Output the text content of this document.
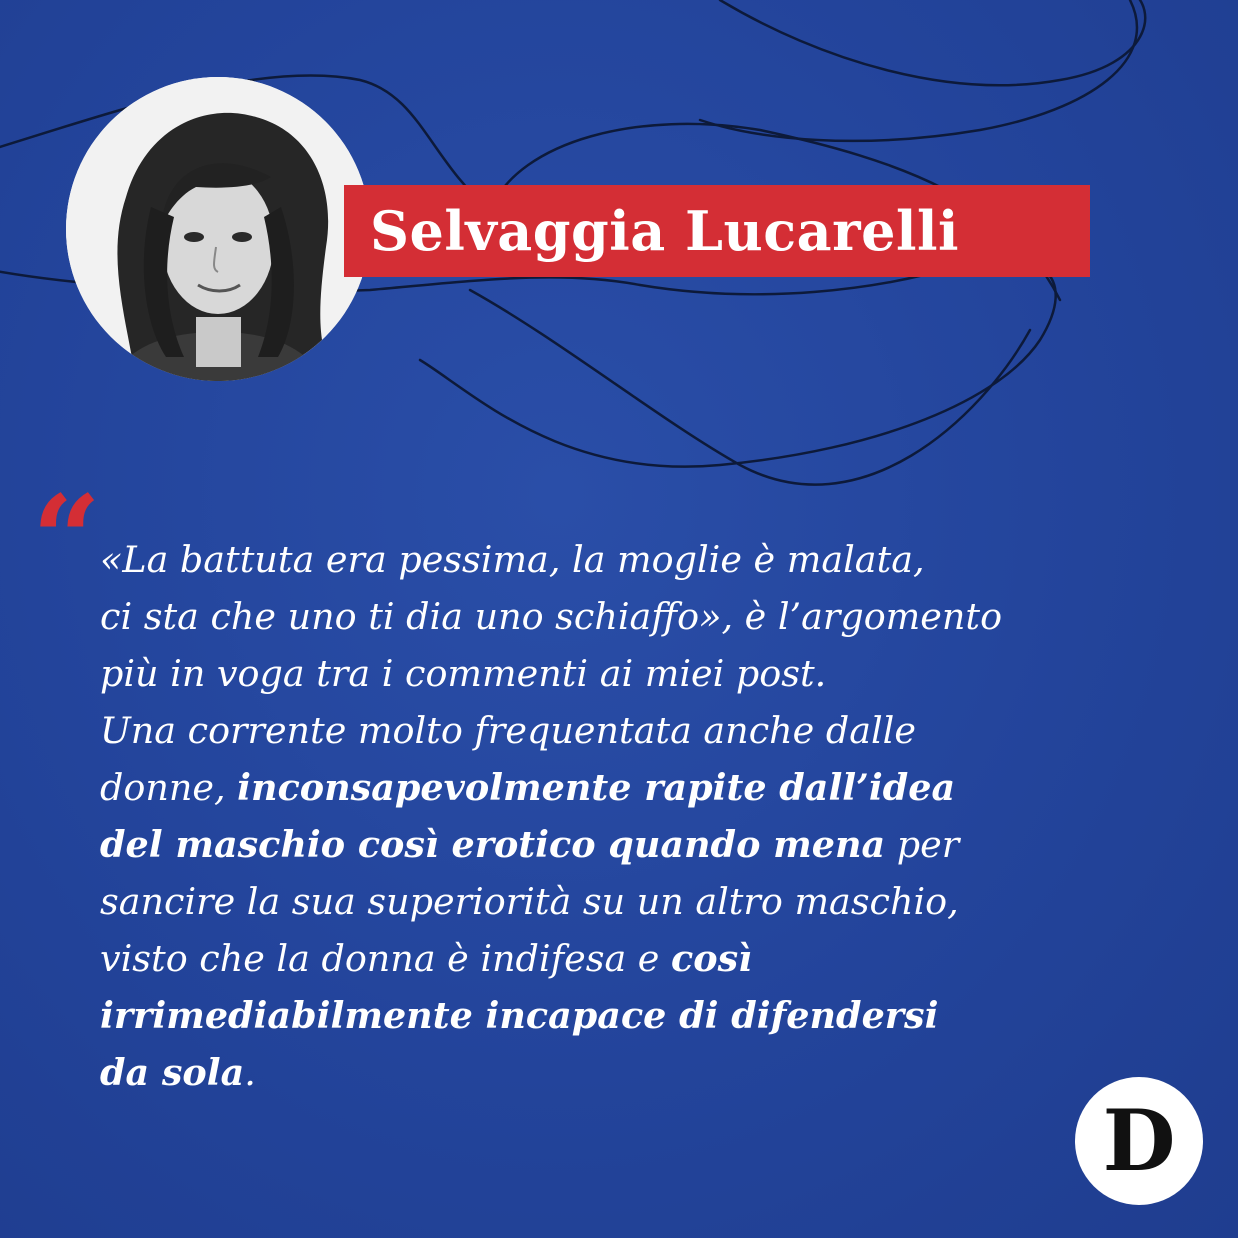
Selvaggia Lucarelli
“
«La battuta era pessima, la moglie è malata,
ci sta che uno ti dia uno schiaffo», è l’argomento
più in voga tra i commenti ai miei post.
Una corrente molto frequentata anche dalle
donne, inconsapevolmente rapite dall’idea
del maschio così erotico quando mena per
sancire la sua superiorità su un altro maschio,
visto che la donna è indifesa e così
irrimediabilmente incapace di difendersi
da sola.
D
